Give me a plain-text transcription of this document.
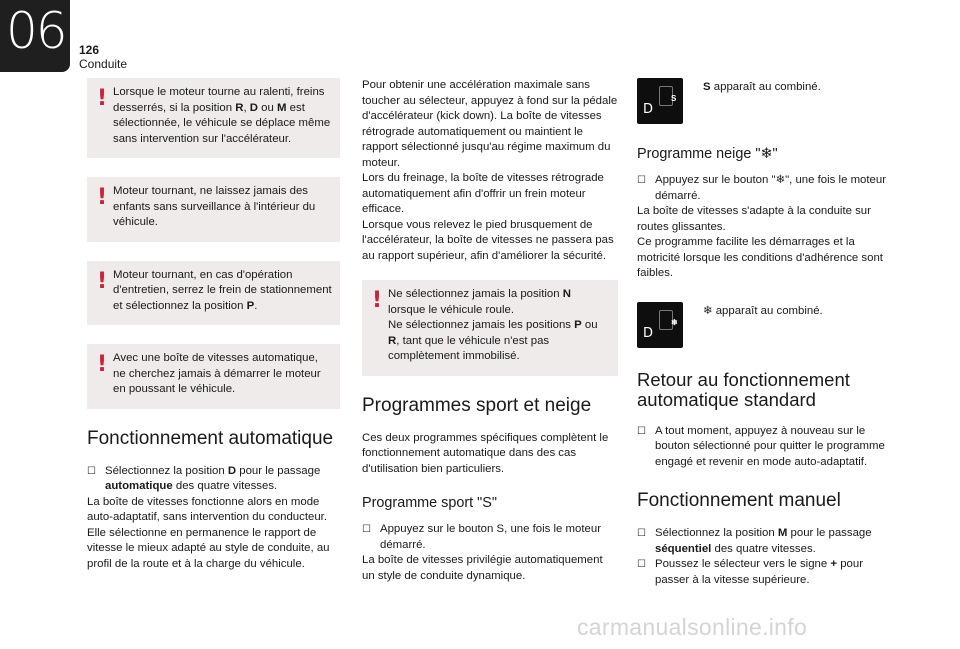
06 126
Conduite
! Lorsque le moteur tourne au ralenti, freins desserrés, si la position R, D ou M est sélectionnée, le véhicule se déplace même sans intervention sur l'accélérateur.
! Moteur tournant, ne laissez jamais des enfants sans surveillance à l'intérieur du véhicule.
! Moteur tournant, en cas d'opération d'entretien, serrez le frein de stationnement et sélectionnez la position P.
! Avec une boîte de vitesses automatique, ne cherchez jamais à démarrer le moteur en poussant le véhicule.
Fonctionnement automatique
☐ Sélectionnez la position D pour le passage automatique des quatre vitesses.

La boîte de vitesses fonctionne alors en mode auto-adaptatif, sans intervention du conducteur. Elle sélectionne en permanence le rapport de vitesse le mieux adapté au style de conduite, au profil de la route et à la charge du véhicule.

Pour obtenir une accélération maximale sans toucher au sélecteur, appuyez à fond sur la pédale d'accélérateur (kick down). La boîte de vitesses rétrograde automatiquement ou maintient le rapport sélectionné jusqu'au régime maximum du moteur.

Lors du freinage, la boîte de vitesses rétrograde automatiquement afin d'offrir un frein moteur efficace.

Lorsque vous relevez le pied brusquement de l'accélérateur, la boîte de vitesses ne passera pas au rapport supérieur, afin d'améliorer la sécurité.

! Ne sélectionnez jamais la position N lorsque le véhicule roule.
Ne sélectionnez jamais les positions P ou R, tant que le véhicule n'est pas complètement immobilisé.
Programmes sport et neige

Ces deux programmes spécifiques complètent le fonctionnement automatique dans des cas d'utilisation bien particuliers.

Programme sport "S"
☐ Appuyez sur le bouton S, une fois le moteur démarré.

La boîte de vitesses privilégie automatiquement un style de conduite dynamique.

S
D
S apparaît au combiné.
Programme neige "❄"
☐ Appuyez sur le bouton "❄", une fois le moteur démarré.

La boîte de vitesses s'adapte à la conduite sur routes glissantes.
Ce programme facilite les démarrages et la motricité lorsque les conditions d'adhérence sont faibles.

❄
D
❄ apparaît au combiné.
Retour au fonctionnement automatique standard
☐ A tout moment, appuyez à nouveau sur le bouton sélectionné pour quitter le programme engagé et revenir en mode auto-adaptatif.
Fonctionnement manuel
☐ Sélectionnez la position M pour le passage séquentiel des quatre vitesses.
☐ Poussez le sélecteur vers le signe + pour passer à la vitesse supérieure.
carmanualsonline.info
